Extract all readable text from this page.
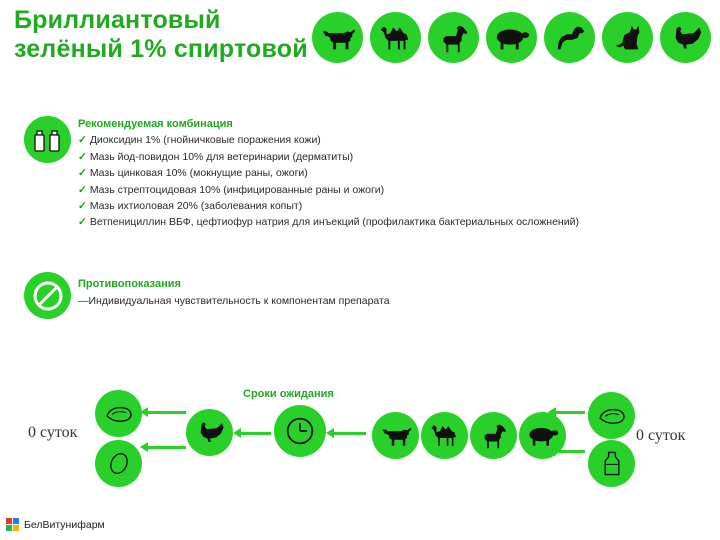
Бриллиантовый
зелёный 1% спиртовой
Рекомендуемая комбинация
✓ Диоксидин 1% (гнойничковые поражения кожи)
✓ Мазь йод-повидон 10% для ветеринарии (дерматиты)
✓ Мазь цинковая 10% (мокнущие раны, ожоги)
✓ Мазь стрептоцидовая 10% (инфицированные раны и ожоги)
✓ Мазь ихтиоловая 20% (заболевания копыт)
✓ Ветпенициллин ВБФ, цефтиофур натрия для инъекций (профилактика бактериальных осложнений)
Противопоказания
—Индивидуальная чувствительность к компонентам препарата
Сроки ожидания
0 суток	0 суток
БелВитунифарм
